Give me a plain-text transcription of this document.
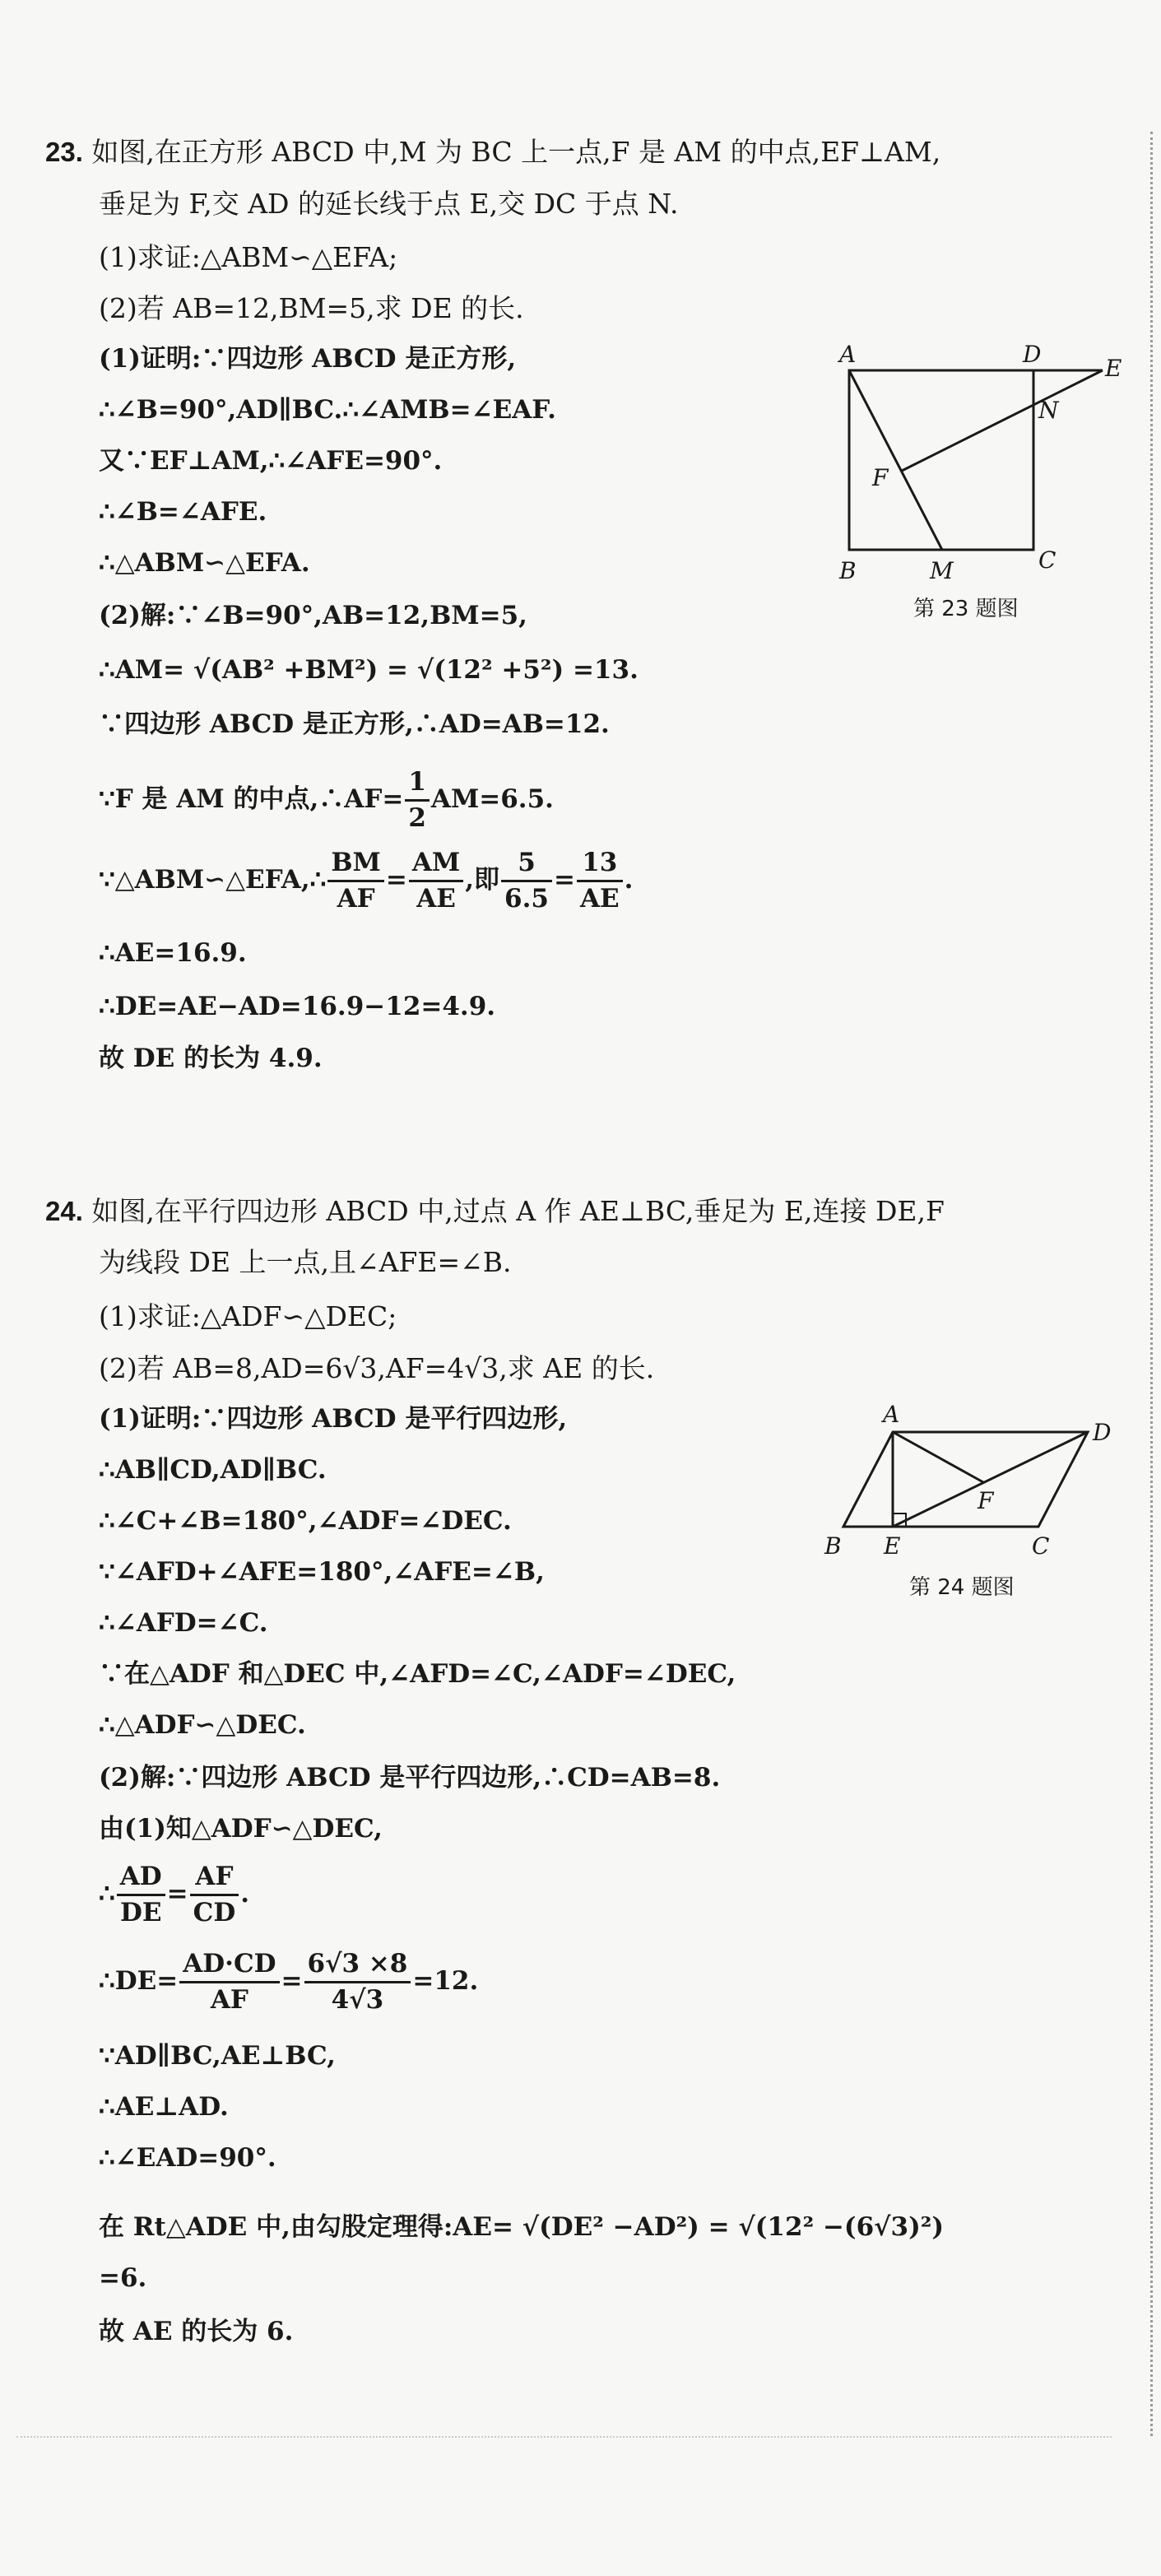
23. 如图,在正方形 ABCD 中,M 为 BC 上一点,F 是 AM 的中点,EF⊥AM,
垂足为 F,交 AD 的延长线于点 E,交 DC 于点 N.
(1)求证:△ABM∽△EFA;
(2)若 AB=12,BM=5,求 DE 的长.
(1)证明:∵四边形 ABCD 是正方形,
∴∠B=90°,AD∥BC.∴∠AMB=∠EAF.
又∵EF⊥AM,∴∠AFE=90°.
∴∠B=∠AFE.
∴△ABM∽△EFA.
(2)解:∵∠B=90°,AB=12,BM=5,
∴AM= √(AB² +BM²) = √(12² +5²) =13.
∵四边形 ABCD 是正方形,∴AD=AB=12.
∵F 是 AM 的中点,∴AF= $\frac{1}{2} AM=6.5$.
∵△ABM∽△EFA,∴ $\frac{BM}{AF} = \frac{AM}{AE}$ ,即 $\frac{5}{6.5} = \frac{13}{AE}$ .
∴AE=16.9.
∴DE=AE−AD=16.9−12=4.9.
故 DE 的长为 4.9.
A	D
E
N
F
B	M	C
第 23 题图
24. 如图,在平行四边形 ABCD 中,过点 A 作 AE⊥BC,垂足为 E,连接 DE,F
为线段 DE 上一点,且∠AFE=∠B.
(1)求证:△ADF∽△DEC;
(2)若 AB=8,AD=6√3,AF=4√3,求 AE 的长.
(1)证明:∵四边形 ABCD 是平行四边形,
∴AB∥CD,AD∥BC.
∴∠C+∠B=180°,∠ADF=∠DEC.
∵∠AFD+∠AFE=180°,∠AFE=∠B,
∴∠AFD=∠C.
∵在△ADF 和△DEC 中,∠AFD=∠C,∠ADF=∠DEC,
∴△ADF∽△DEC.
(2)解:∵四边形 ABCD 是平行四边形,∴CD=AB=8.
由(1)知△ADF∽△DEC,
∴ $\frac{AD}{DE} = \frac{AF}{CD}$ .
∴DE= $\frac{AD\cdot CD}{AF} = \frac{6√3 \times 8}{4√3} =12$.
∵AD∥BC,AE⊥BC,
∴AE⊥AD.
∴∠EAD=90°.
在 Rt△ADE 中,由勾股定理得:AE= √(DE² −AD²) = √(12² −(6√3)²)
=6.
故 AE 的长为 6.
A
D
F
B E	C
第 24 题图
